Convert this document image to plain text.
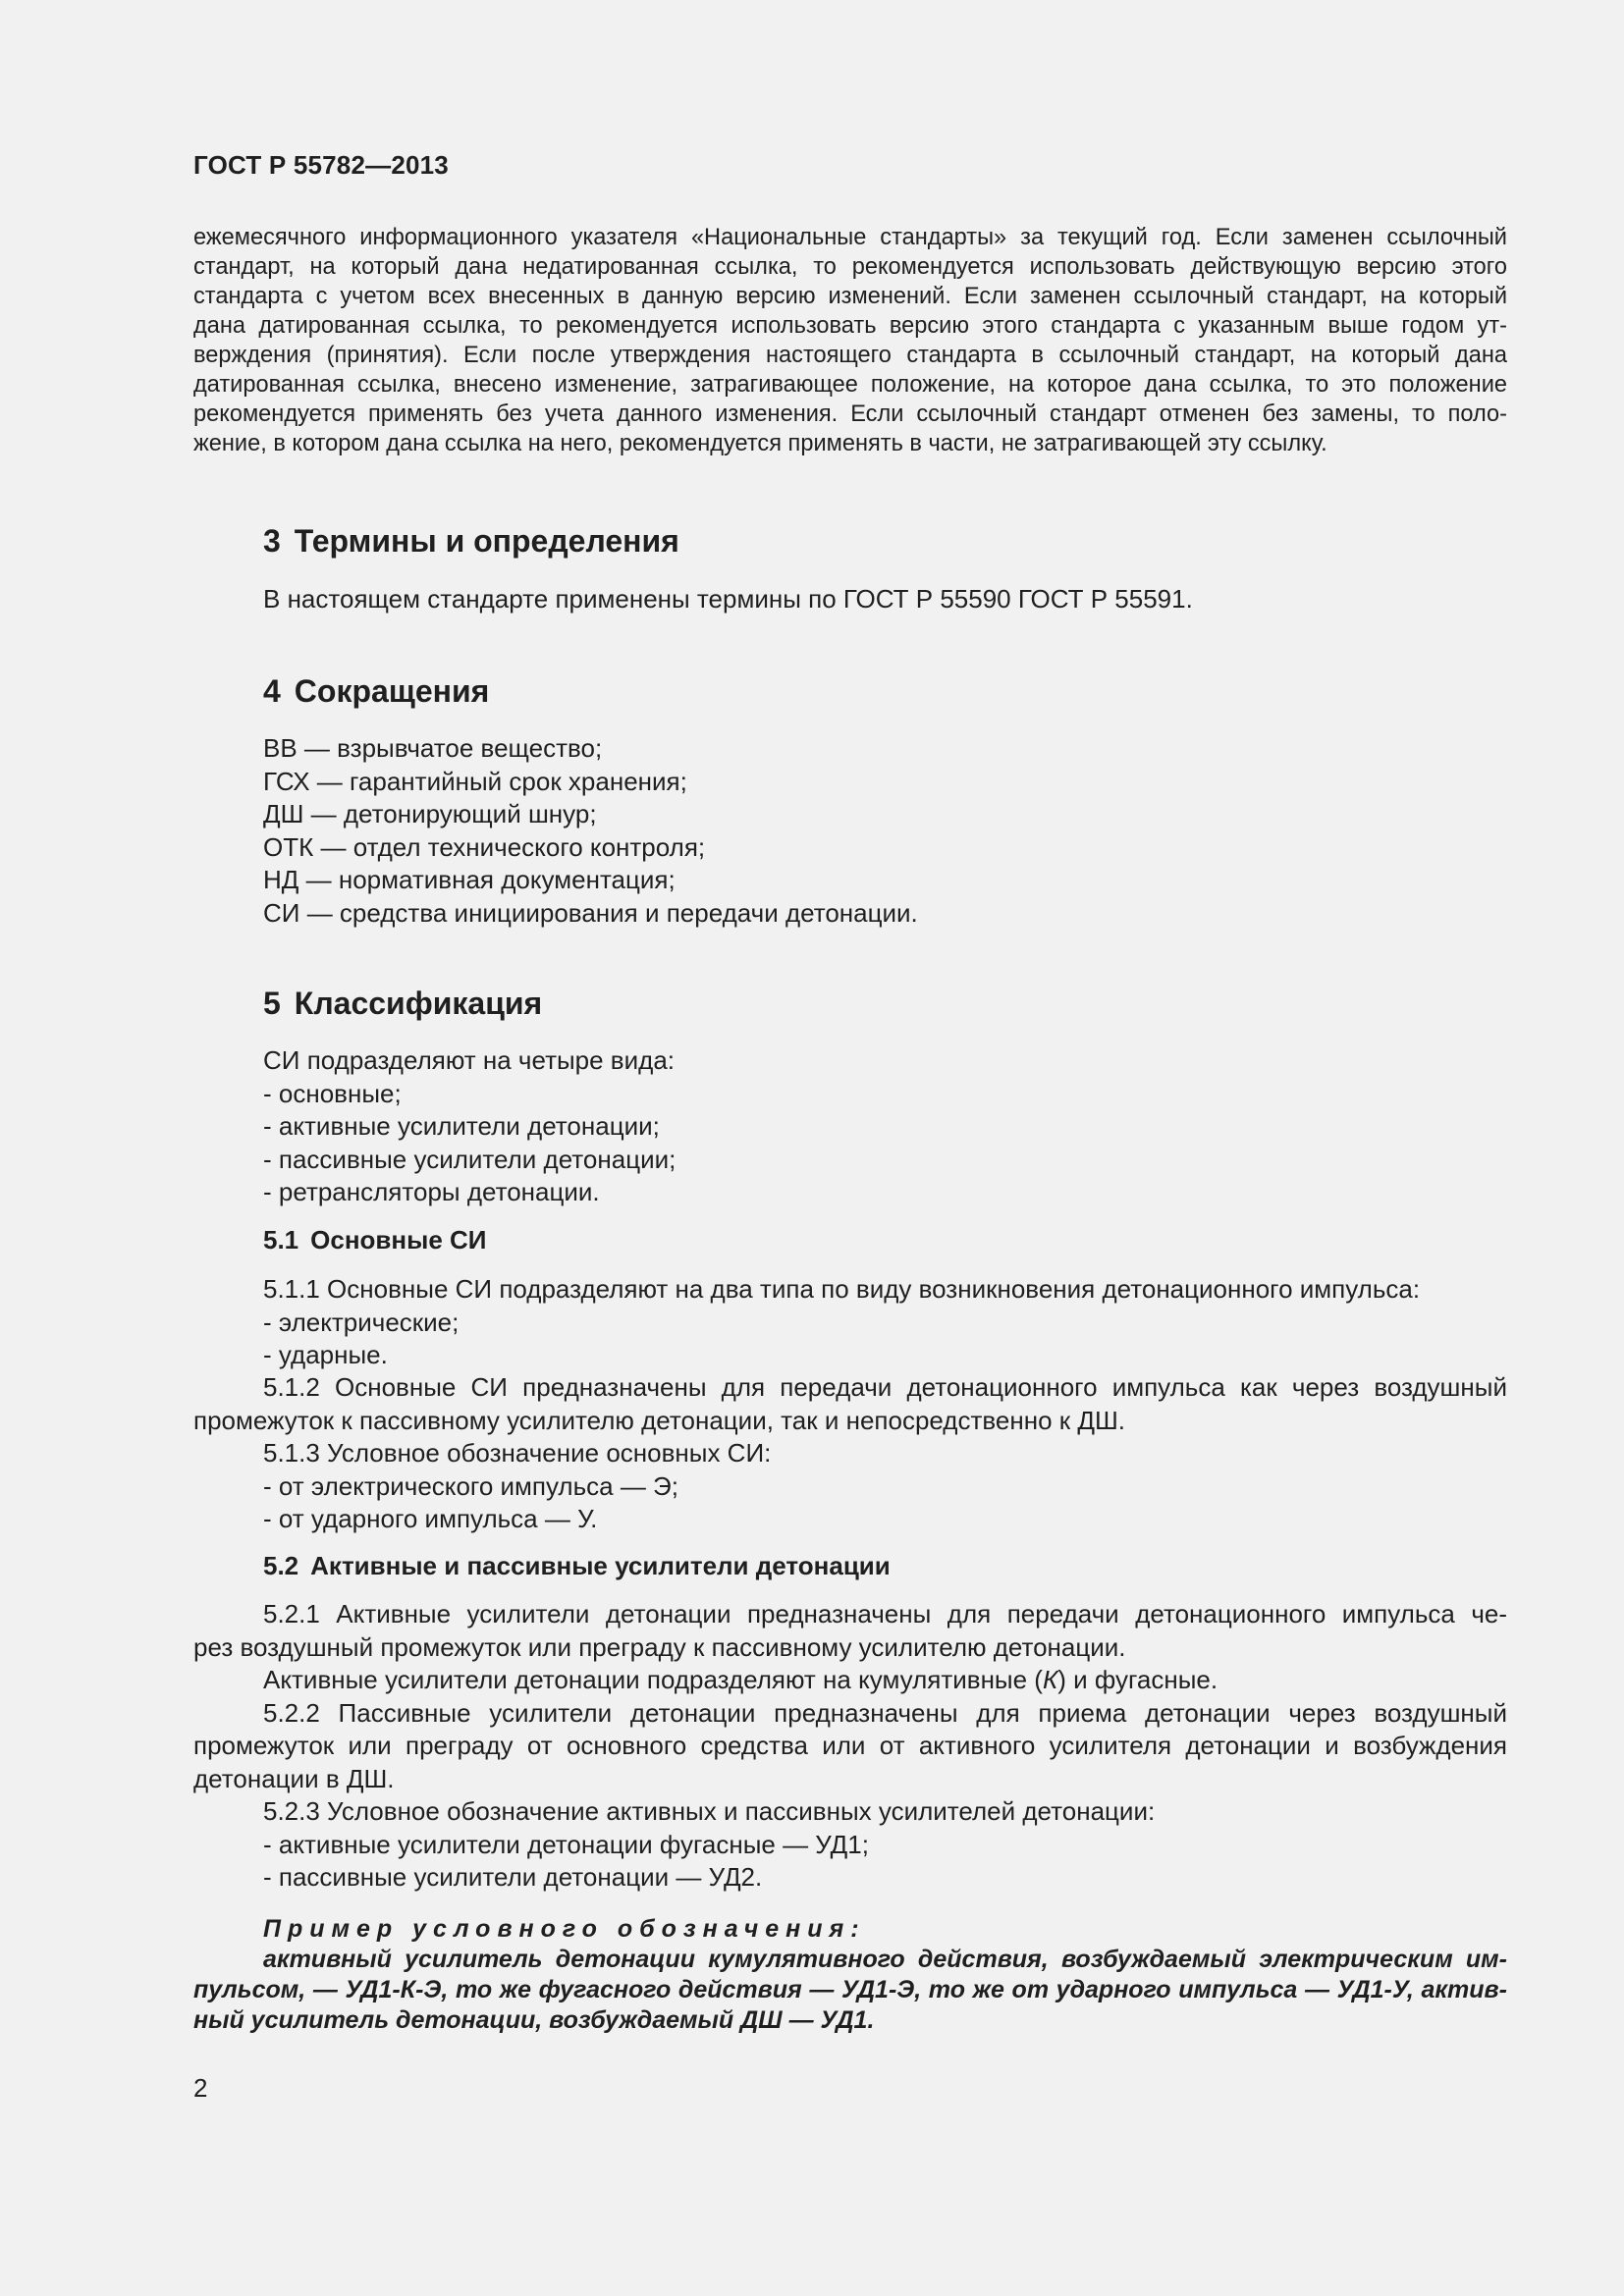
ГОСТ Р 55782—2013
ежемесячного информационного указателя «Национальные стандарты» за текущий год. Если заменен ссылочный
стандарт, на который дана недатированная ссылка, то рекомендуется использовать действующую версию этого
стандарта с учетом всех внесенных в данную версию изменений. Если заменен ссылочный стандарт, на который
дана датированная ссылка, то рекомендуется использовать версию этого стандарта с указанным выше годом ут-
верждения (принятия). Если после утверждения настоящего стандарта в ссылочный стандарт, на который дана
датированная ссылка, внесено изменение, затрагивающее положение, на которое дана ссылка, то это положение
рекомендуется применять без учета данного изменения. Если ссылочный стандарт отменен без замены, то поло-
жение, в котором дана ссылка на него, рекомендуется применять в части, не затрагивающей эту ссылку.
3 Термины и определения
В настоящем стандарте применены термины по ГОСТ Р 55590 ГОСТ Р 55591.
4 Сокращения
ВВ — взрывчатое вещество;
ГСХ — гарантийный срок хранения;
ДШ — детонирующий шнур;
ОТК — отдел технического контроля;
НД — нормативная документация;
СИ — средства инициирования и передачи детонации.
5 Классификация
СИ подразделяют на четыре вида:
- основные;
- активные усилители детонации;
- пассивные усилители детонации;
- ретрансляторы детонации.
5.1 Основные СИ
5.1.1 Основные СИ подразделяют на два типа по виду возникновения детонационного импульса:
- электрические;
- ударные.
5.1.2 Основные СИ предназначены для передачи детонационного импульса как через воздушный
промежуток к пассивному усилителю детонации, так и непосредственно к ДШ.
5.1.3 Условное обозначение основных СИ:
- от электрического импульса — Э;
- от ударного импульса — У.
5.2 Активные и пассивные усилители детонации
5.2.1 Активные усилители детонации предназначены для передачи детонационного импульса че-
рез воздушный промежуток или преграду к пассивному усилителю детонации.
Активные усилители детонации подразделяют на кумулятивные (К) и фугасные.
5.2.2 Пассивные усилители детонации предназначены для приема детонации через воздушный
промежуток или преграду от основного средства или от активного усилителя детонации и возбуждения
детонации в ДШ.
5.2.3 Условное обозначение активных и пассивных усилителей детонации:
- активные усилители детонации фугасные — УД1;
- пассивные усилители детонации — УД2.
Пример условного обозначения:
активный усилитель детонации кумулятивного действия, возбуждаемый электрическим им-
пульсом, — УД1-К-Э, то же фугасного действия — УД1-Э, то же от ударного импульса — УД1-У, актив-
ный усилитель детонации, возбуждаемый ДШ — УД1.
2
